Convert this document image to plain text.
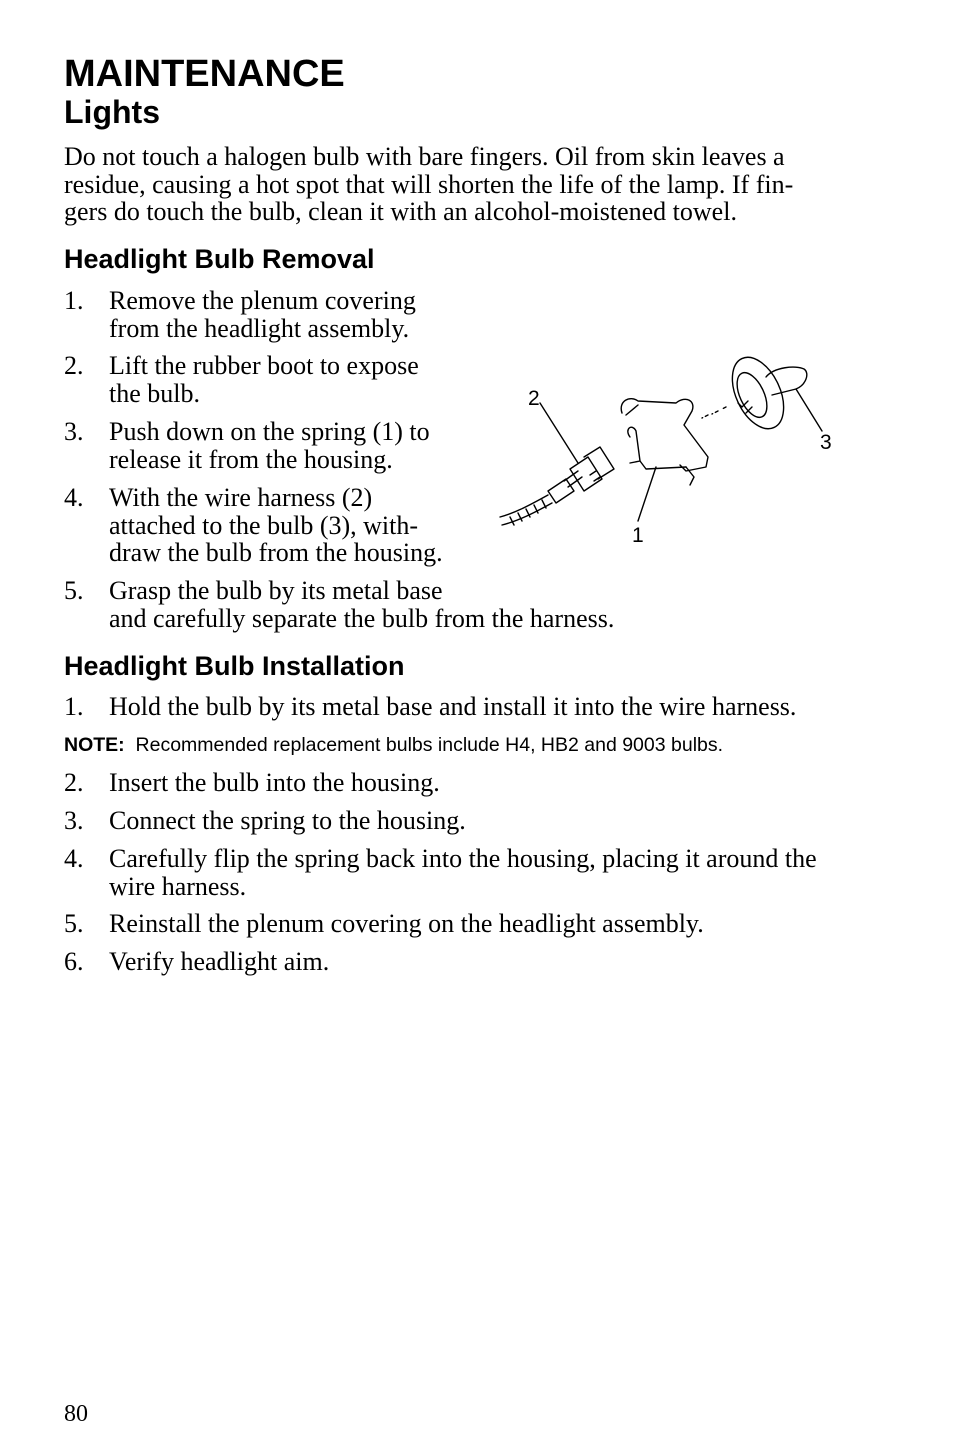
MAINTENANCE
Lights
Do not touch a halogen bulb with bare fingers. Oil from skin leaves a
residue, causing a hot spot that will shorten the life of the lamp. If fin-
gers do touch the bulb, clean it with an alcohol-moistened towel.
Headlight Bulb Removal
1. Remove the plenum covering
from the headlight assembly.
2. Lift the rubber boot to expose
the bulb.
3. Push down on the spring (1) to
release it from the housing.
4. With the wire harness (2)
attached to the bulb (3), with-
draw the bulb from the housing.
5. Grasp the bulb by its metal base
and carefully separate the bulb from the harness.
2
1
3
Headlight Bulb Installation
1. Hold the bulb by its metal base and install it into the wire harness.
NOTE: Recommended replacement bulbs include H4, HB2 and 9003 bulbs.
2. Insert the bulb into the housing.
3. Connect the spring to the housing.
4. Carefully flip the spring back into the housing, placing it around the
wire harness.
5. Reinstall the plenum covering on the headlight assembly.
6. Verify headlight aim.
80
